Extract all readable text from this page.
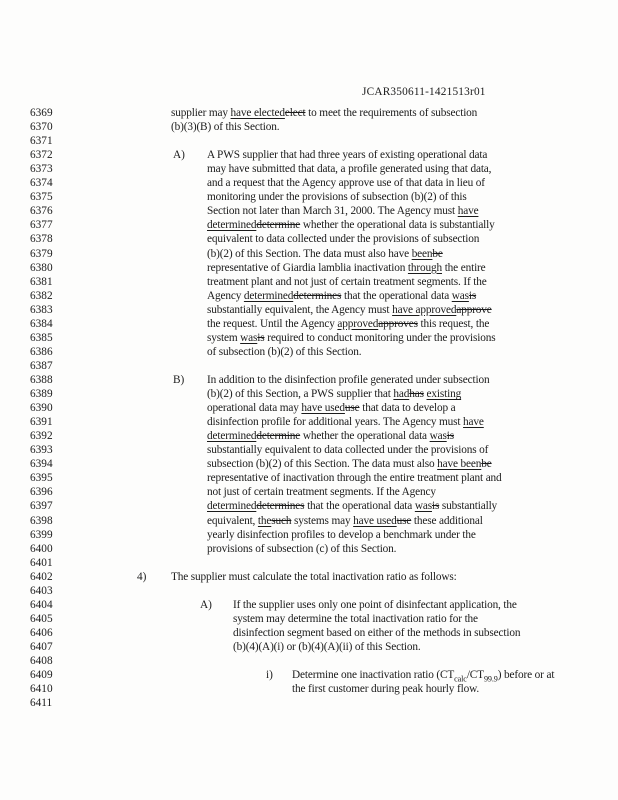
JCAR350611-1421513r01
6369	supplier may have electedelect to meet the requirements of subsection
6370	(b)(3)(B) of this Section.
6371
6372	A) A PWS supplier that had three years of existing operational data
6373	may have submitted that data, a profile generated using that data,
6374	and a request that the Agency approve use of that data in lieu of
6375	monitoring under the provisions of subsection (b)(2) of this
6376	Section not later than March 31, 2000. The Agency must have
6377	determineddetermine whether the operational data is substantially
6378	equivalent to data collected under the provisions of subsection
6379	(b)(2) of this Section. The data must also have beenbe
6380	representative of Giardia lamblia inactivation through the entire
6381	treatment plant and not just of certain treatment segments. If the
6382	Agency determineddetermines that the operational data wasis
6383	substantially equivalent, the Agency must have approvedapprove
6384	the request. Until the Agency approvedapproves this request, the
6385	system wasis required to conduct monitoring under the provisions
6386	of subsection (b)(2) of this Section.
6387
6388	B) In addition to the disinfection profile generated under subsection
6389	(b)(2) of this Section, a PWS supplier that hadhas existing
6390	operational data may have useduse that data to develop a
6391	disinfection profile for additional years. The Agency must have
6392	determineddetermine whether the operational data wasis
6393	substantially equivalent to data collected under the provisions of
6394	subsection (b)(2) of this Section. The data must also have beenbe
6395	representative of inactivation through the entire treatment plant and
6396	not just of certain treatment segments. If the Agency
6397	determineddetermines that the operational data wasis substantially
6398	equivalent, thesuch systems may have useduse these additional
6399	yearly disinfection profiles to develop a benchmark under the
6400	provisions of subsection (c) of this Section.
6401
6402	4) The supplier must calculate the total inactivation ratio as follows:
6403
6404	A) If the supplier uses only one point of disinfectant application, the
6405	system may determine the total inactivation ratio for the
6406	disinfection segment based on either of the methods in subsection
6407	(b)(4)(A)(i) or (b)(4)(A)(ii) of this Section.
6408
6409	i) Determine one inactivation ratio $(CT_{calc}/CT_{99.9})$ before or at
6410	the first customer during peak hourly flow.
6411
